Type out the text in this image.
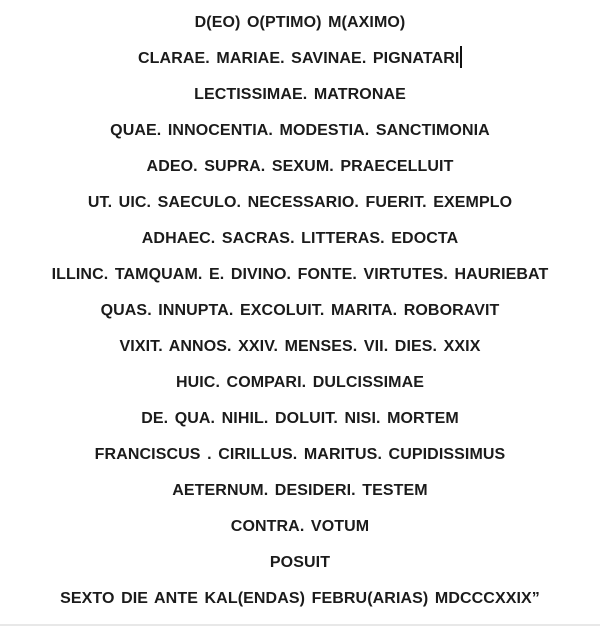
D(EO) O(PTIMO) M(AXIMO)
CLARAE. MARIAE. SAVINAE. PIGNATARI
LECTISSIMAE. MATRONAE
QUAE. INNOCENTIA. MODESTIA. SANCTIMONIA
ADEO. SUPRA. SEXUM. PRAECELLUIT
UT. UIC. SAECULO. NECESSARIO. FUERIT. EXEMPLO
ADHAEC. SACRAS. LITTERAS. EDOCTA
ILLINC. TAMQUAM. E. DIVINO. FONTE. VIRTUTES. HAURIEBAT
QUAS. INNUPTA. EXCOLUIT. MARITA. ROBORAVIT
VIXIT. ANNOS. XXIV. MENSES. VII. DIES. XXIX
HUIC. COMPARI. DULCISSIMAE
DE. QUA. NIHIL. DOLUIT. NISI. MORTEM
FRANCISCUS . CIRILLUS. MARITUS. CUPIDISSIMUS
AETERNUM. DESIDERI. TESTEM
CONTRA. VOTUM
POSUIT
SEXTO DIE ANTE KAL(ENDAS) FEBRU(ARIAS) MDCCCXXIX”
